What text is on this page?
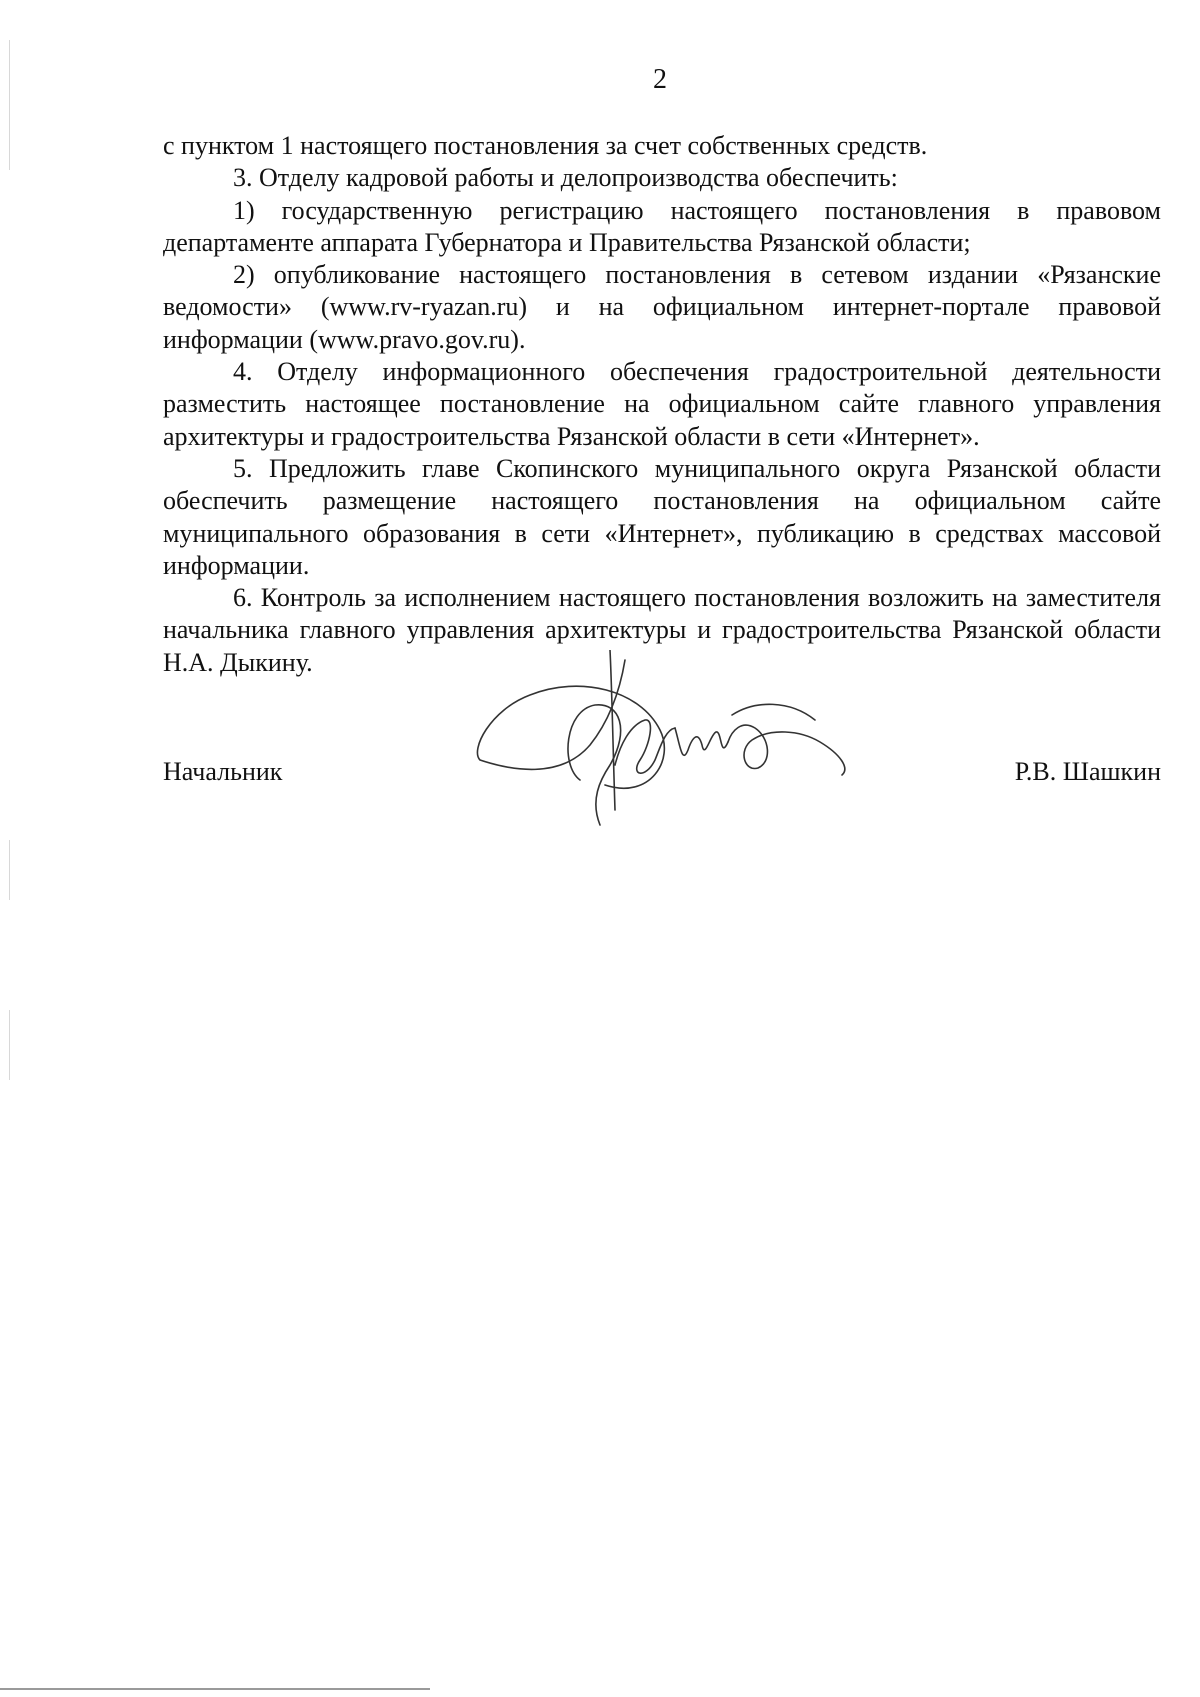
2

с пунктом 1 настоящего постановления за счет собственных средств.

3. Отделу кадровой работы и делопроизводства обеспечить:

1) государственную регистрацию настоящего постановления в правовом департаменте аппарата Губернатора и Правительства Рязанской области;

2) опубликование настоящего постановления в сетевом издании «Рязанские ведомости» (www.rv-ryazan.ru) и на официальном интернет-портале правовой информации (www.pravo.gov.ru).

4. Отделу информационного обеспечения градостроительной деятельности разместить настоящее постановление на официальном сайте главного управления архитектуры и градостроительства Рязанской области в сети «Интернет».

5. Предложить главе Скопинского муниципального округа Рязанской области обеспечить размещение настоящего постановления на официальном сайте муниципального образования в сети «Интернет», публикацию в средствах массовой информации.

6. Контроль за исполнением настоящего постановления возложить на заместителя начальника главного управления архитектуры и градостроительства Рязанской области Н.А. Дыкину.

Начальник	Р.В. Шашкин
